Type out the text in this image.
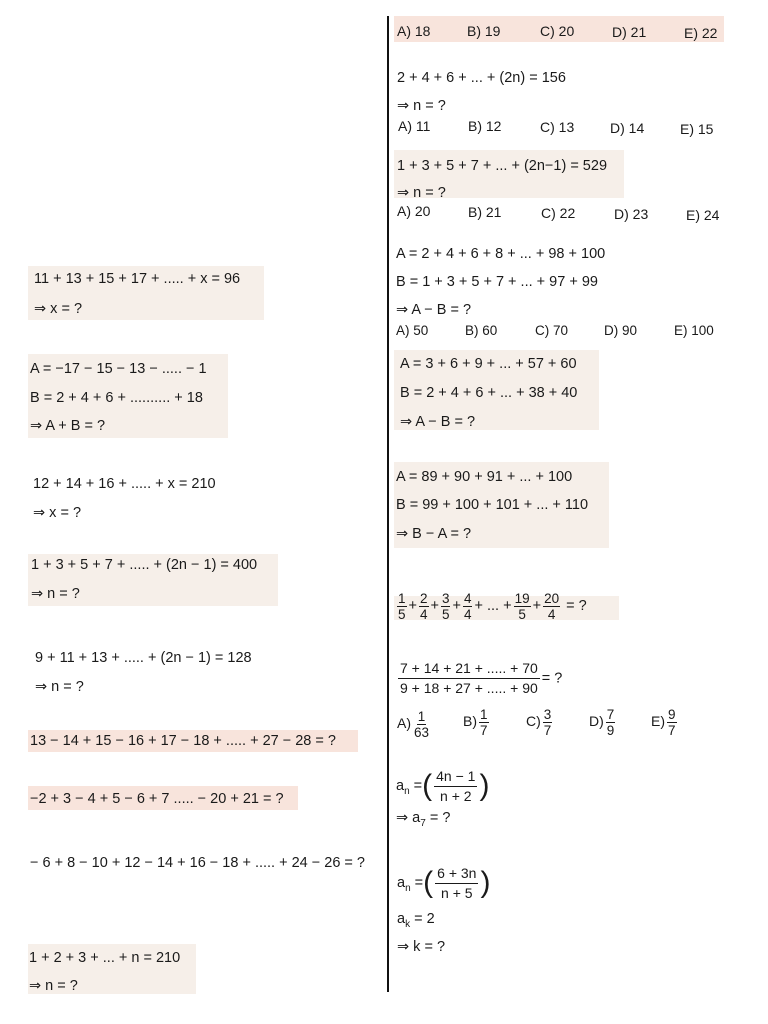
11 + 13 + 15 + 17 + ..... + x = 96
⇒ x = ?
A = −17 − 15 − 13 − ..... − 1
B = 2 + 4 + 6 + .......... + 18
⇒ A + B = ?
12 + 14 + 16 + ..... + x = 210
⇒ x = ?
1 + 3 + 5 + 7 + ..... + (2n − 1) = 400
⇒ n = ?
9 + 11 + 13 + ..... + (2n − 1) = 128
⇒ n = ?
13 − 14 + 15 − 16 + 17 − 18 + ..... + 27 − 28 = ?
−2 + 3 − 4 + 5 − 6 + 7 ..... − 20 + 21 = ?
− 6 + 8 − 10 + 12 − 14 + 16 − 18 + ..... + 24 − 26 = ?
1 + 2 + 3 + ... + n = 210
⇒ n = ?
A) 18	B) 19	C) 20	D) 21	E) 22
2 + 4 + 6 + ... + (2n) = 156
⇒ n = ?
A) 11	B) 12	C) 13	D) 14	E) 15
1 + 3 + 5 + 7 + ... + (2n−1) = 529
⇒ n = ?
A) 20	B) 21	C) 22	D) 23	E) 24
A = 2 + 4 + 6 + 8 + ... + 98 + 100
B = 1 + 3 + 5 + 7 + ... + 97 + 99
⇒ A − B = ?
A) 50	B) 60	C) 70	D) 90	E) 100
A = 3 + 6 + 9 + ... + 57 + 60
B = 2 + 4 + 6 + ... + 38 + 40
⇒ A − B = ?
A = 89 + 90 + 91 + ... + 100
B = 99 + 100 + 101 + ... + 110
⇒ B − A = ?
$\frac{1}{5} + \frac{2}{4} + \frac{3}{5} + \frac{4}{4}$ + ... + $\frac{19}{5} + \frac{20}{4}$ = ?
$\frac{7 + 14 + 21 + ..... + 70}{9 + 18 + 27 + ..... + 90}$ = ?
$A) \frac{1}{63} B) \frac{1}{7}$	$C) \frac{3}{7}$	$D) \frac{7}{9}$	$E) \frac{9}{7}$
$a_n$ =( $\frac{4n - 1}{n + 2}$ )
⇒ $a_7$ = ?
$a_n$ =( $\frac{6 + 3n}{n + 5}$ )
$a_k = 2$
⇒ k = ?
